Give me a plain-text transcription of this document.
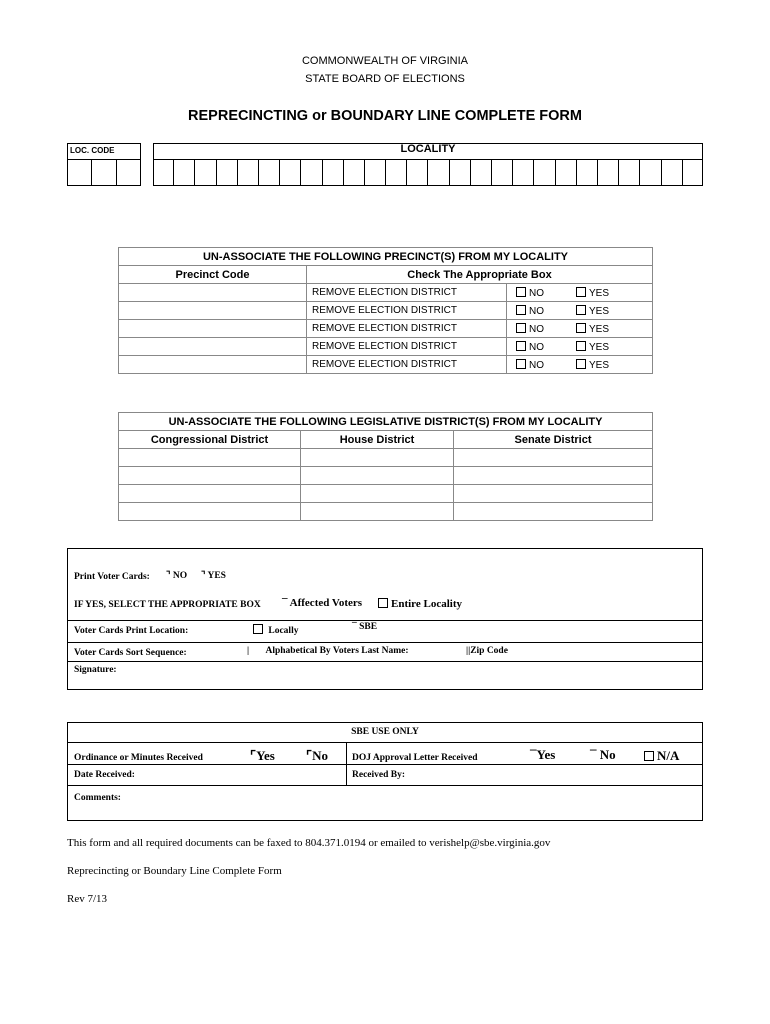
COMMONWEALTH OF VIRGINIA
STATE BOARD OF ELECTIONS
REPRECINCTING or BOUNDARY LINE COMPLETE FORM
LOC. CODE	LOCALITY
UN-ASSOCIATE THE FOLLOWING PRECINCT(S) FROM MY LOCALITY		
Precinct Code	Check The Appropriate Box	
	REMOVE ELECTION DISTRICT	NO YES
	REMOVE ELECTION DISTRICT	NO YES
	REMOVE ELECTION DISTRICT	NO YES
	REMOVE ELECTION DISTRICT	NO YES
	REMOVE ELECTION DISTRICT	NO YES
UN-ASSOCIATE THE FOLLOWING LEGISLATIVE DISTRICT(S) FROM MY LOCALITY		
Congressional District	House District	Senate District

Print Voter Cards: ⌝ NO ⌝ YES
IF YES, SELECT THE APPROPRIATE BOX ¯ Affected Voters	Entire Locality
Voter Cards Print Location:	Locally	¯ SBE
Voter Cards Sort Sequence:	| Alphabetical By Voters Last Name:	||Zip Code
Signature:
SBE USE ONLY
Ordinance or Minutes Received	⌜Yes ⌜No	DOJ Approval Letter Received	¯Yes	¯ No	N/A
Date Received:	Received By:
Comments:
This form and all required documents can be faxed to 804.371.0194 or emailed to verishelp@sbe.virginia.gov
Reprecincting or Boundary Line Complete Form
Rev 7/13
